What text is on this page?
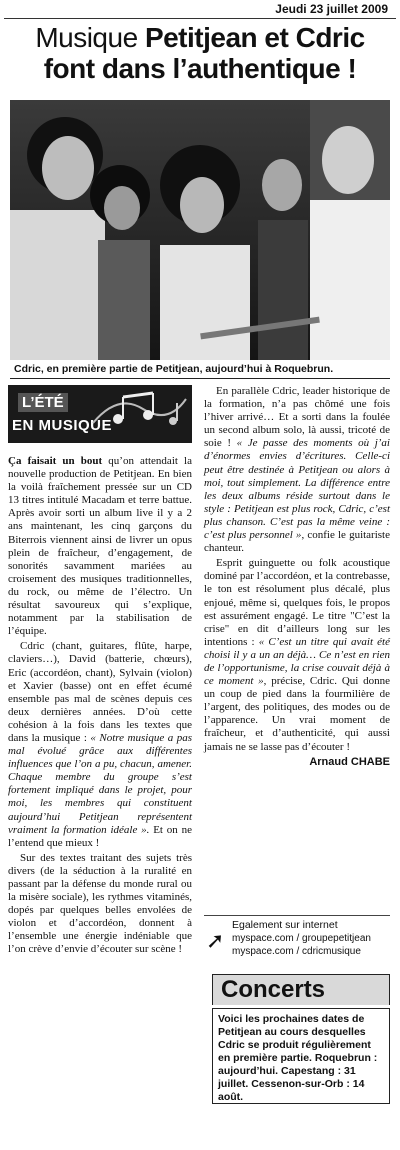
Jeudi 23 juillet 2009
Musique Petitjean et Cdric
font dans l’authentique !
Cdric, en première partie de Petitjean, aujourd’hui à Roquebrun.
L’ÉTÉ
EN MUSIQUE

Ça faisait un bout qu’on attendait la nouvelle production de Petitjean. En bien la voilà fraîchement pressée sur un CD 13 titres intitulé Macadam et terre battue. Après avoir sorti un album live il y a 2 ans maintenant, les cinq garçons du Biterrois viennent ainsi de livrer un opus plein de fraîcheur, d’engagement, de sonorités savamment mariées au croisement des musiques traditionnelles, du rock, ou même de l’électro. Un résultat savoureux qui s’explique, notamment par la stabilisation de l’équipe.

Cdric (chant, guitares, flûte, harpe, claviers…), David (batterie, chœurs), Eric (accordéon, chant), Sylvain (violon) et Xavier (basse) ont en effet écumé ensemble pas mal de scènes depuis ces deux dernières années. D’où cette cohésion à la fois dans les textes que dans la musique : « Notre musique a pas mal évolué grâce aux différentes influences que l’on a pu, chacun, amener. Chaque membre du groupe s’est fortement impliqué dans le projet, pour moi, les membres qui constituent aujourd’hui Petitjean représentent vraiment la formation idéale ». Et on ne l’entend que mieux !

Sur des textes traitant des sujets très divers (de la séduction à la ruralité en passant par la défense du monde rural ou la misère sociale), les rythmes vitaminés, dopés par quelques belles envolées de violon et d’accordéon, donnent à l’ensemble une énergie indéniable que l’on crève d’envie d’écouter sur scène !

En parallèle Cdric, leader historique de la formation, n’a pas chômé une fois l’hiver arrivé… Et a sorti dans la foulée un second album solo, là aussi, tricoté de soie ! « Je passe des moments où j’ai d’énormes envies d’écritures. Celle-ci peut être destinée à Petitjean ou alors à moi, tout simplement. La différence entre les deux albums réside surtout dans le style : Petitjean est plus rock, Cdric, c’est plus chanson. C’est pas la même veine : c’est plus personnel », confie le guitariste chanteur.

Esprit guinguette ou folk acoustique dominé par l’accordéon, et la contrebasse, le ton est résolument plus décalé, plus enjoué, même si, quelques fois, le propos est assurément engagé. Le titre "C’est la crise" en dit d’ailleurs long sur les intentions : « C’est un titre qui avait été choisi il y a un an déjà… Ce n’est en rien de l’opportunisme, la crise couvait déjà à ce moment », précise, Cdric. Qui donne un coup de pied dans la fourmilière de l’argent, des politiques, des modes ou de l’apparence. Un vrai moment de fraîcheur, et d’authenticité, qui aussi jamais ne se lasse pas d’écouter !

Arnaud CHABE
➚
Egalement sur internet
myspace.com / groupepetitjean
myspace.com / cdricmusique
Concerts
Voici les prochaines dates de Petitjean au cours desquelles Cdric se produit régulièrement en première partie. Roquebrun : aujourd’hui. Capestang : 31 juillet. Cessenon-sur-Orb : 14 août.
